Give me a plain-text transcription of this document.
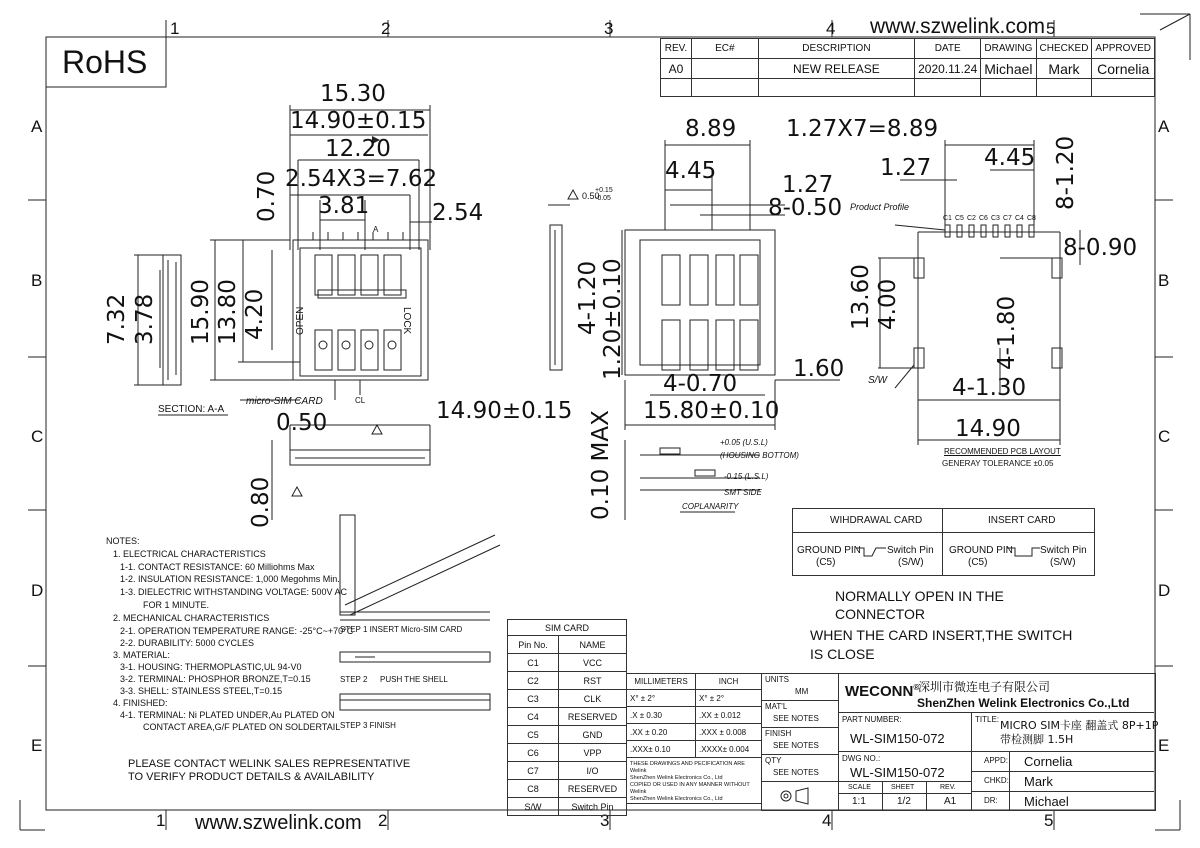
RoHS
www.szwelink.com
1	2	3	4	5
1	2	3	4	5
A
B
C
D
E
A
B
C
D
E
REV.	EC#	DESCRIPTION	DATE	DRAWING	CHECKED	APPROVED
A0		NEW RELEASE	2020.11.24	Michael	Mark	Cornelia

15.30
14.90±0.15
12.20
2.54X3=7.62
0.70 3.81	2.54
7.32 3.78 15.90 13.80 4.20
0.50	14.90±0.15
0.80
OPEN	LOCK
micro-SIM CARD	CL
SECTION: A-A
A
8.89
4.45
1.27
8-0.50
4-1.20 1.20±0.10
4-0.70
1.60
15.80±0.10
0.10 MAX
0.50
+0.15
-0.05
+0.05 (U.S.L)
(HOUSING BOTTOM)
-0.15 (L.S.L)
SMT SIDE
COPLANARITY
1.27X7=8.89
1.27 4.45 8-1.20
8-0.90
13.60 4.00	4-1.80
4-1.30
14.90
Product Profile
S/W
C1 C5 C2 C6 C3 C7 C4 C8
RECOMMENDED PCB LAYOUT
GENERAY TOLERANCE ±0.05
WIHDRAWAL CARD	INSERT CARD
GROUND PIN
(C5)
Switch Pin
(S/W)
GROUND PIN
(C5)
Switch Pin
(S/W)
NORMALLY OPEN IN THE
CONNECTOR
WHEN THE CARD INSERT,THE SWITCH
IS CLOSE
NOTES:
1. ELECTRICAL CHARACTERISTICS
1-1. CONTACT RESISTANCE: 60 Milliohms Max
1-2. INSULATION RESISTANCE: 1,000 Megohms Min.
1-3. DIELECTRIC WITHSTANDING VOLTAGE: 500V AC
FOR 1 MINUTE.
2. MECHANICAL CHARACTERISTICS
2-1. OPERATION TEMPERATURE RANGE: -25°C~+70°C
2-2. DURABILITY: 5000 CYCLES
3. MATERIAL:
3-1. HOUSING: THERMOPLASTIC,UL 94-V0
3-2. TERMINAL: PHOSPHOR BRONZE,T=0.15
3-3. SHELL: STAINLESS STEEL,T=0.15
4. FINISHED:
4-1. TERMINAL: Ni PLATED UNDER,Au PLATED ON
CONTACT AREA,G/F PLATED ON SOLDERTAIL
STEP 1 INSERT Micro-SIM CARD
STEP 2 PUSH THE SHELL
STEP 3 FINISH
PLEASE CONTACT WELINK SALES REPRESENTATIVE
TO VERIFY PRODUCT DETAILS & AVAILABILITY
SIM CARD	
Pin No.	NAME
C1	VCC
C2	RST
C3	CLK
C4	RESERVED
C5	GND
C6	VPP
C7	I/O
C8	RESERVED
S/W	Switch Pin
MILLIMETERS	INCH
X° ± 2°	X° ± 2°
.X ± 0.30	.XX ± 0.012
.XX ± 0.20	.XXX ± 0.008
.XXX± 0.10	.XXXX± 0.004

THESE DRAWINGS AND PECIFICATION ARE Welink
ShenZhen Welink Electronics Co., Ltd
COPIED OR USED IN ANY MANNER WITHOUT Welink
ShenZhen Welink Electronics Co., Ltd	
UNITS
MM
MAT'L
SEE NOTES
FINISH
SEE NOTES
QTY
SEE NOTES
WECONN®
深圳市微连电子有限公司
ShenZhen Welink Electronics Co.,Ltd
PART NUMBER:
WL-SIM150-072
DWG NO.:
WL-SIM150-072
SCALE	SHEET	REV.
1:1	1/2	A1
TITLE: MICRO SIM卡座 翻盖式 8P+1P
带检测脚 1.5H
APPD: Cornelia
CHKD: Mark
DR: Michael
www.szwelink.com
